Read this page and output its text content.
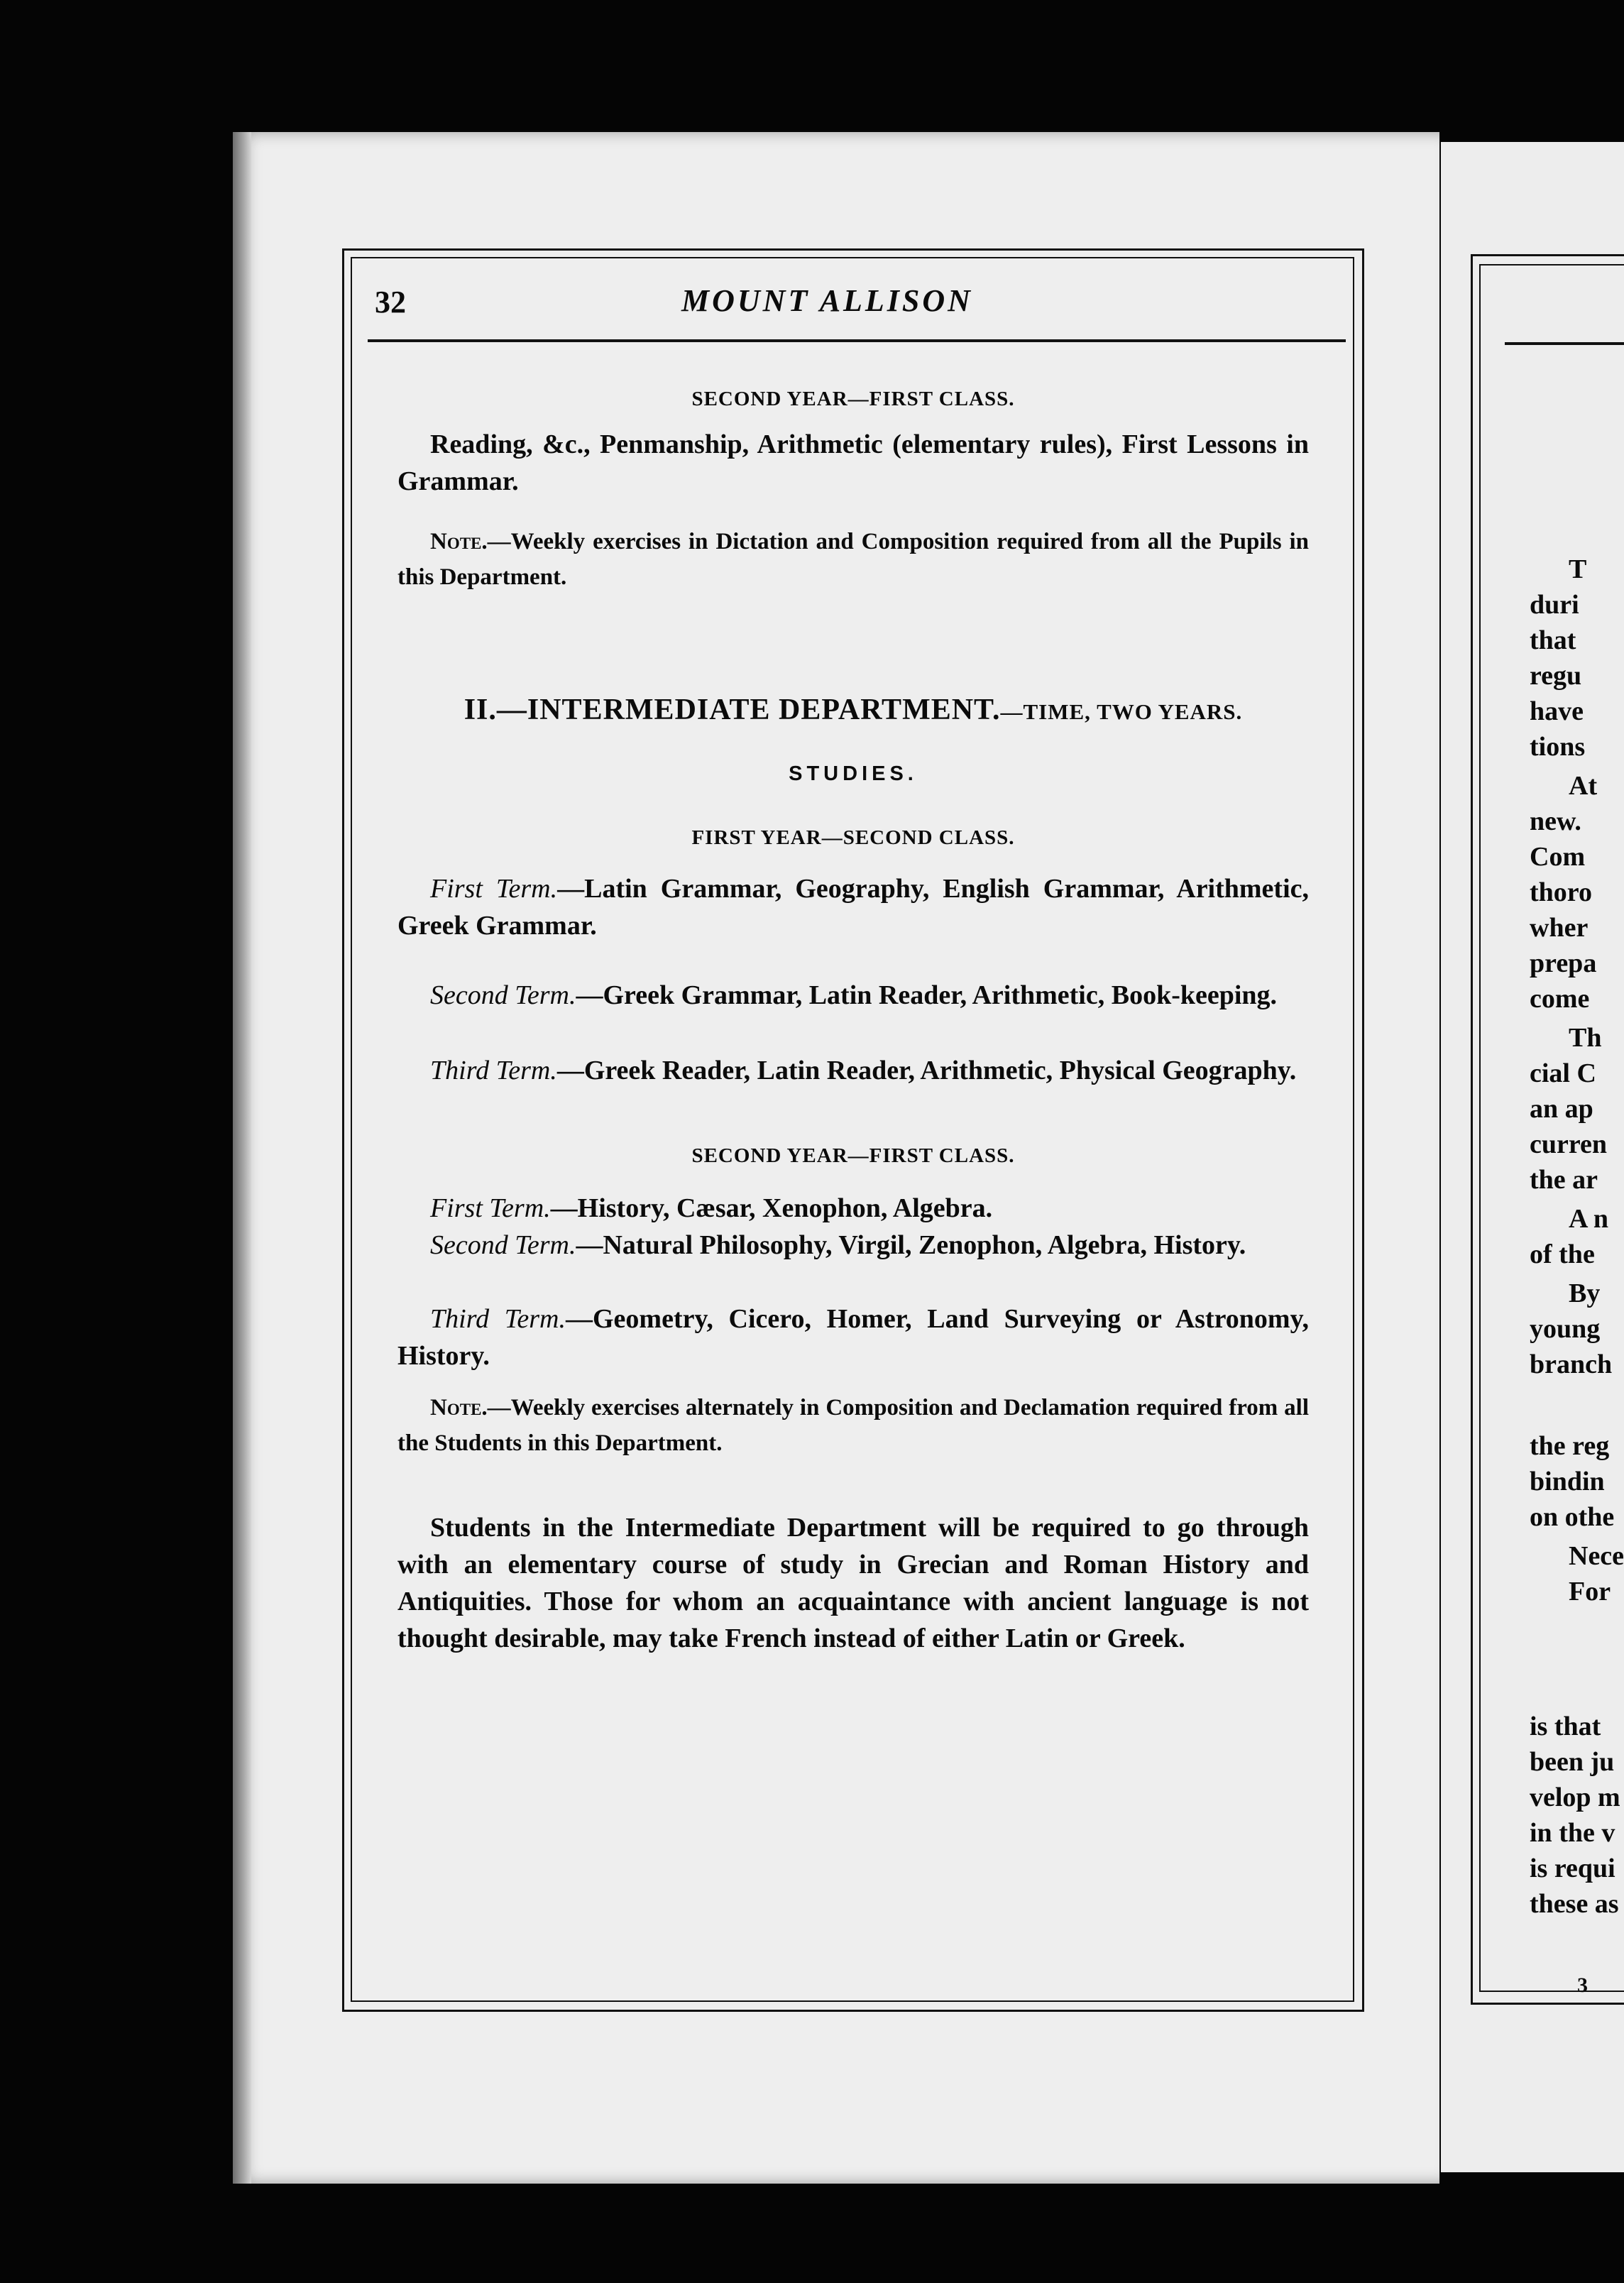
32	MOUNT ALLISON
SECOND YEAR—FIRST CLASS.
Reading, &c., Penmanship, Arithmetic (elementary rules), First Lessons in Grammar.
Note.—Weekly exercises in Dictation and Composition required from all the Pupils in this Department.
II.—INTERMEDIATE DEPARTMENT.—TIME, TWO YEARS.
STUDIES.
FIRST YEAR—SECOND CLASS.
First Term.—Latin Grammar, Geography, English Grammar, Arithmetic, Greek Grammar.
Second Term.—Greek Grammar, Latin Reader, Arithmetic, Book-keeping.
Third Term.—Greek Reader, Latin Reader, Arithmetic, Physical Geography.
SECOND YEAR—FIRST CLASS.
First Term.—History, Cæsar, Xenophon, Algebra.
Second Term.—Natural Philosophy, Virgil, Zenophon, Algebra, History.
Third Term.—Geometry, Cicero, Homer, Land Surveying or Astronomy, History.
Note.—Weekly exercises alternately in Composition and Declamation required from all the Students in this Department.
Students in the Intermediate Department will be required to go through with an elementary course of study in Grecian and Roman History and Antiquities. Those for whom an acquaintance with ancient language is not thought desirable, may take French instead of either Latin or Greek.
T
duri
that
regu
have
tions
At
new.
Com
thoro
wher
prepa
come
Th
cial C
an ap
curren
the ar
A n
of the
By
young
branch
the reg
bindin
on othe
Nece
For
is that
been ju
velop m
in the v
is requi
these as
3
